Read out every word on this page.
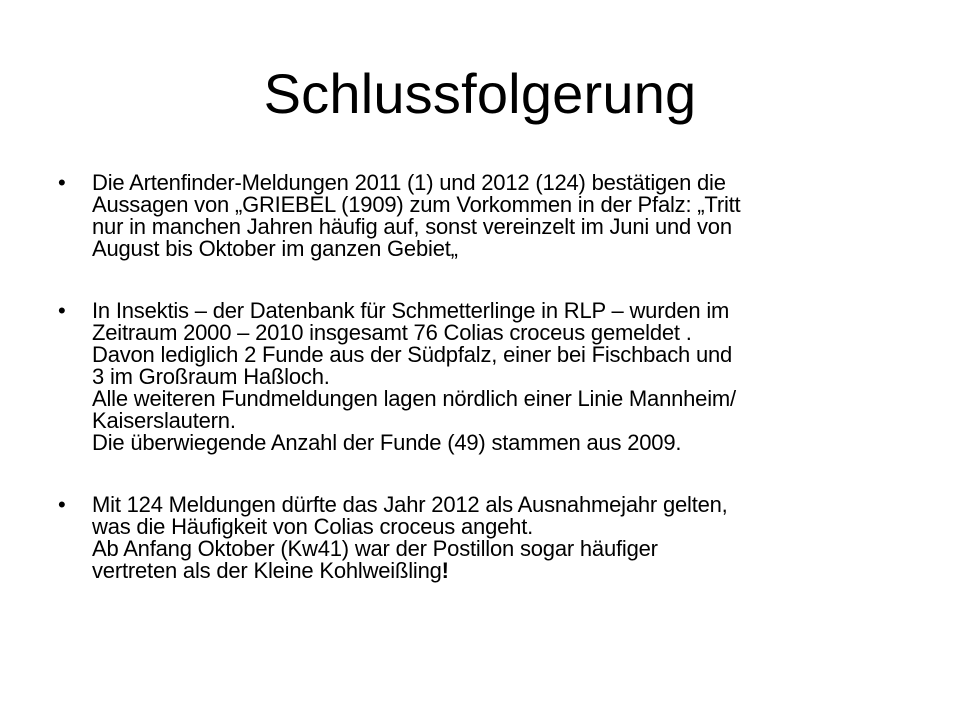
Schlussfolgerung
• Die Artenfinder-Meldungen 2011 (1) und 2012 (124) bestätigen die
Aussagen von „GRIEBEL (1909) zum Vorkommen in der Pfalz: „Tritt
nur in manchen Jahren häufig auf, sonst vereinzelt im Juni und von
August bis Oktober im ganzen Gebiet„
• In Insektis – der Datenbank für Schmetterlinge in RLP – wurden im
Zeitraum 2000 – 2010 insgesamt 76 Colias croceus gemeldet .
Davon lediglich 2 Funde aus der Südpfalz, einer bei Fischbach und
3 im Großraum Haßloch.
Alle weiteren Fundmeldungen lagen nördlich einer Linie Mannheim/
Kaiserslautern.
Die überwiegende Anzahl der Funde (49) stammen aus 2009.
• Mit 124 Meldungen dürfte das Jahr 2012 als Ausnahmejahr gelten,
was die Häufigkeit von Colias croceus angeht.
Ab Anfang Oktober (Kw41) war der Postillon sogar häufiger
vertreten als der Kleine Kohlweißling!
